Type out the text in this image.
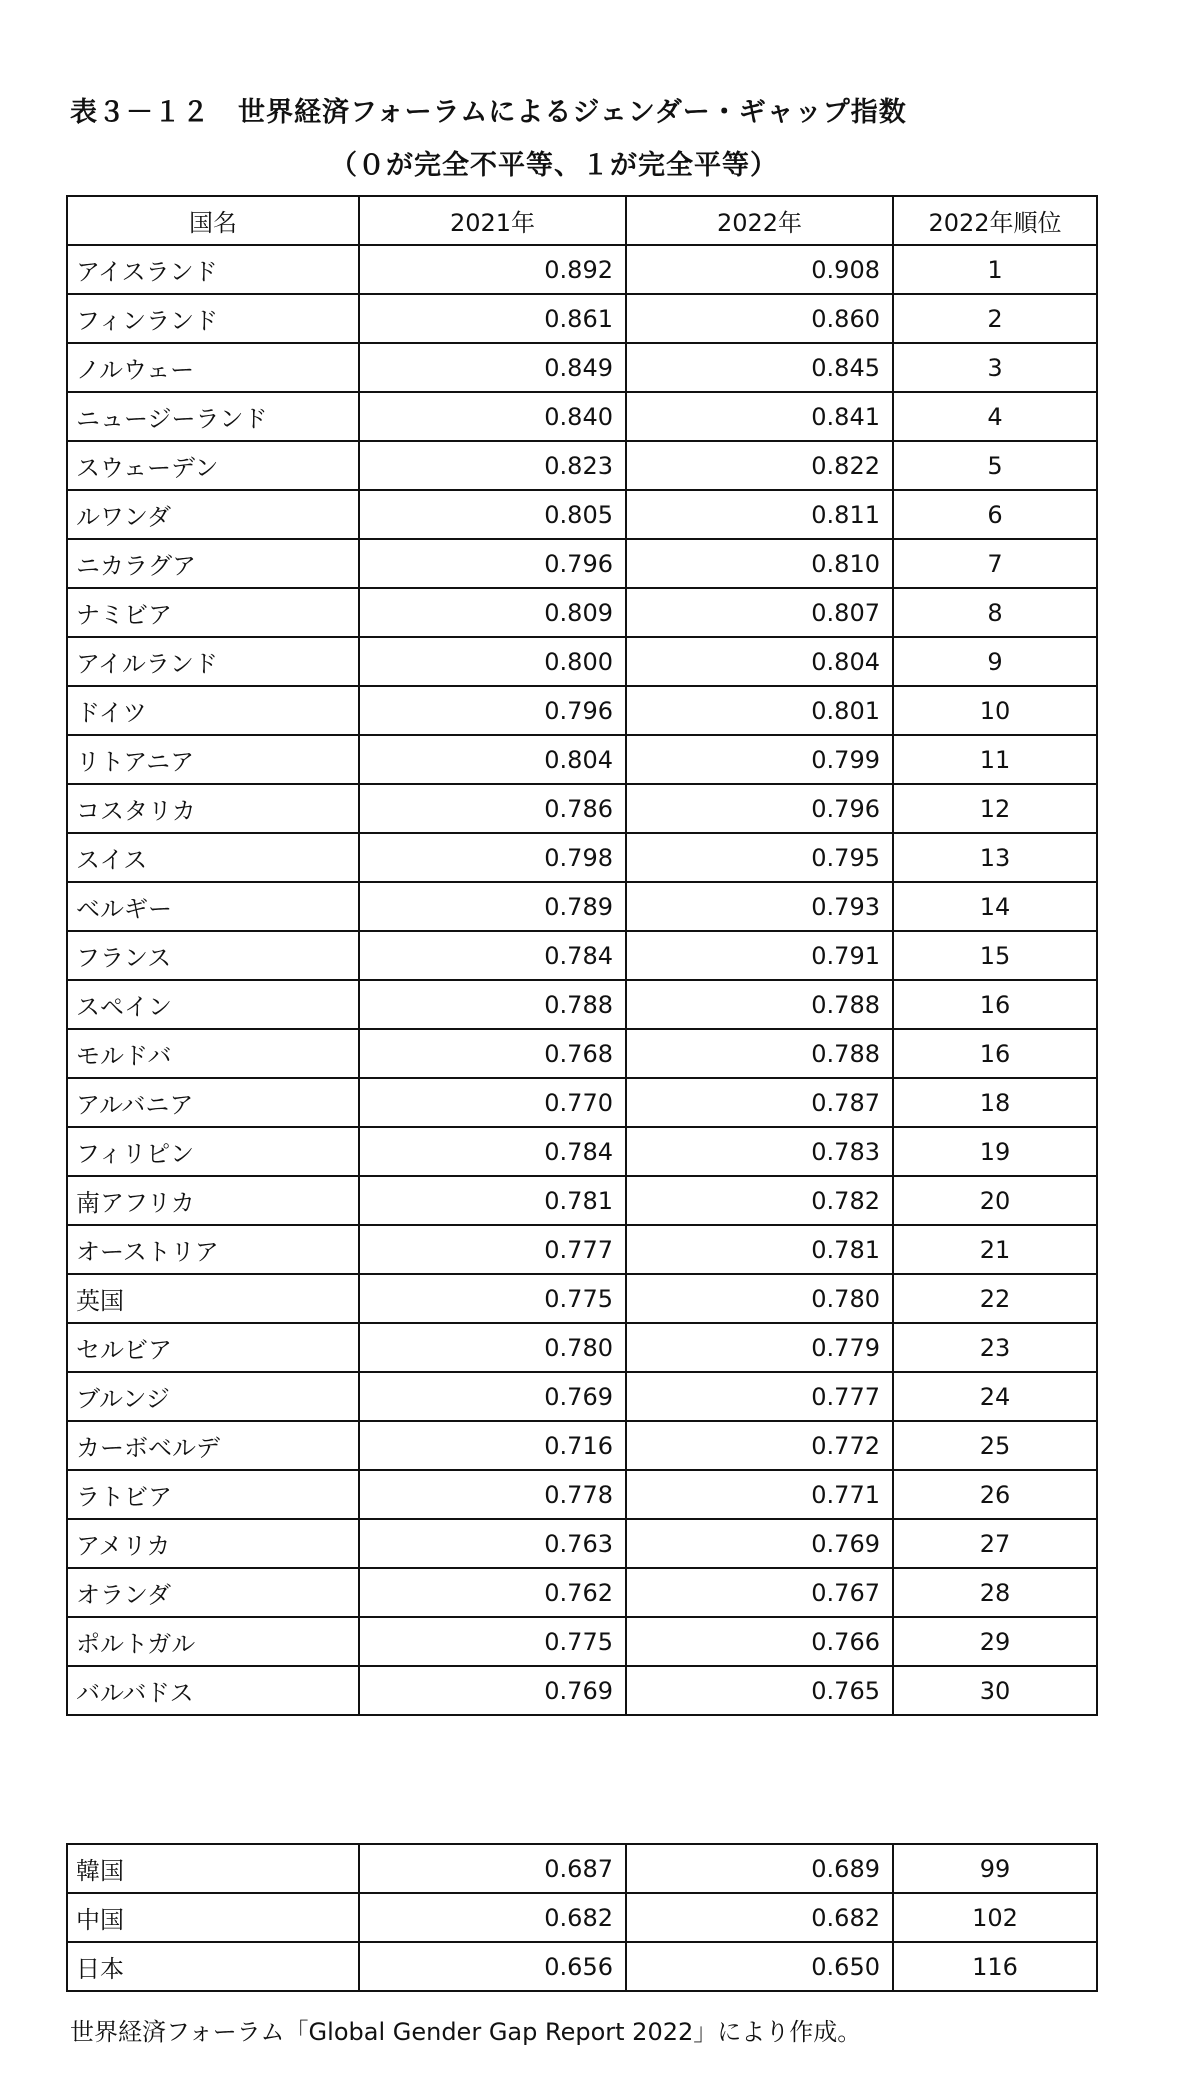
表３－１２　世界経済フォーラムによるジェンダー・ギャップ指数
（０が完全不平等、１が完全平等）
国名	2021年	2022年	2022年順位
アイスランド	0.892	0.908	1
フィンランド	0.861	0.860	2
ノルウェー	0.849	0.845	3
ニュージーランド	0.840	0.841	4
スウェーデン	0.823	0.822	5
ルワンダ	0.805	0.811	6
ニカラグア	0.796	0.810	7
ナミビア	0.809	0.807	8
アイルランド	0.800	0.804	9
ドイツ	0.796	0.801	10
リトアニア	0.804	0.799	11
コスタリカ	0.786	0.796	12
スイス	0.798	0.795	13
ベルギー	0.789	0.793	14
フランス	0.784	0.791	15
スペイン	0.788	0.788	16
モルドバ	0.768	0.788	16
アルバニア	0.770	0.787	18
フィリピン	0.784	0.783	19
南アフリカ	0.781	0.782	20
オーストリア	0.777	0.781	21
英国	0.775	0.780	22
セルビア	0.780	0.779	23
ブルンジ	0.769	0.777	24
カーボベルデ	0.716	0.772	25
ラトビア	0.778	0.771	26
アメリカ	0.763	0.769	27
オランダ	0.762	0.767	28
ポルトガル	0.775	0.766	29
バルバドス	0.769	0.765	30
韓国	0.687	0.689	99
中国	0.682	0.682	102
日本	0.656	0.650	116
世界経済フォーラム「Global Gender Gap Report 2022」により作成。
